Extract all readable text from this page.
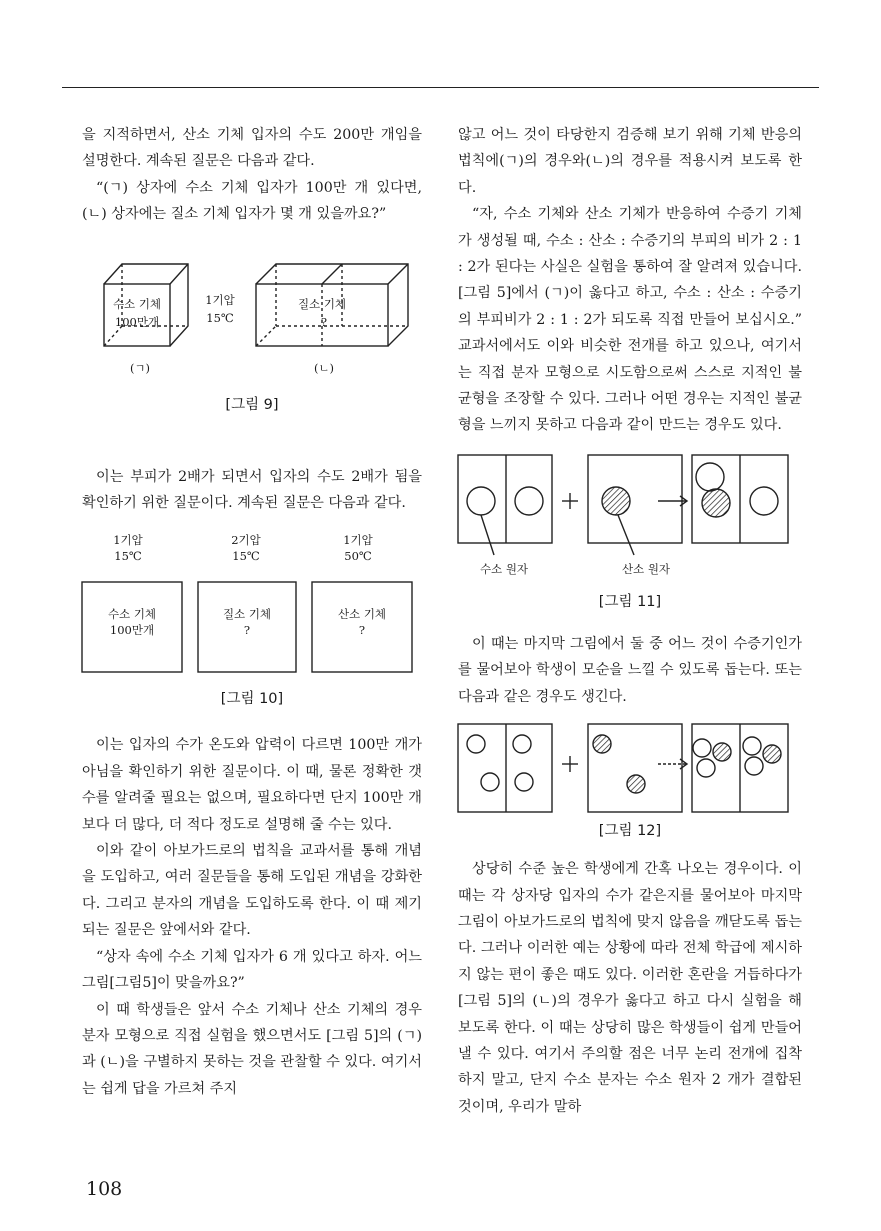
을 지적하면서, 산소 기체 입자의 수도 200만 개임을 설명한다. 계속된 질문은 다음과 같다.

“(ㄱ) 상자에 수소 기체 입자가 100만 개 있다면, (ㄴ) 상자에는 질소 기체 입자가 몇 개 있을까요?”

수소 기체
100만개
1기압
15℃
질소 기체
?
(ㄱ)	(ㄴ)
[그림 9]

이는 부피가 2배가 되면서 입자의 수도 2배가 됨을 확인하기 위한 질문이다. 계속된 질문은 다음과 같다.

1기압
15℃
2기압
15℃
1기압
50℃
수소 기체
100만개
질소 기체
?
산소 기체
?
[그림 10]

이는 입자의 수가 온도와 압력이 다르면 100만 개가 아님을 확인하기 위한 질문이다. 이 때, 물론 정확한 갯수를 알려줄 필요는 없으며, 필요하다면 단지 100만 개보다 더 많다, 더 적다 정도로 설명해 줄 수는 있다.

이와 같이 아보가드로의 법칙을 교과서를 통해 개념을 도입하고, 여러 질문들을 통해 도입된 개념을 강화한다. 그리고 분자의 개념을 도입하도록 한다. 이 때 제기되는 질문은 앞에서와 같다.

“상자 속에 수소 기체 입자가 6 개 있다고 하자. 어느 그림[그림5]이 맞을까요?”

이 때 학생들은 앞서 수소 기체나 산소 기체의 경우 분자 모형으로 직접 실험을 했으면서도 [그림 5]의 (ㄱ)과 (ㄴ)을 구별하지 못하는 것을 관찰할 수 있다. 여기서는 쉽게 답을 가르쳐 주지

않고 어느 것이 타당한지 검증해 보기 위해 기체 반응의 법칙에(ㄱ)의 경우와(ㄴ)의 경우를 적용시켜 보도록 한다.

“자, 수소 기체와 산소 기체가 반응하여 수증기 기체가 생성될 때, 수소 : 산소 : 수증기의 부피의 비가 2 : 1 : 2가 된다는 사실은 실험을 통하여 잘 알려져 있습니다. [그림 5]에서 (ㄱ)이 옳다고 하고, 수소 : 산소 : 수증기의 부피비가 2 : 1 : 2가 되도록 직접 만들어 보십시오.” 교과서에서도 이와 비슷한 전개를 하고 있으나, 여기서는 직접 분자 모형으로 시도함으로써 스스로 지적인 불균형을 조장할 수 있다. 그러나 어떤 경우는 지적인 불균형을 느끼지 못하고 다음과 같이 만드는 경우도 있다.

수소 원자	산소 원자
[그림 11]

이 때는 마지막 그림에서 둘 중 어느 것이 수증기인가를 물어보아 학생이 모순을 느낄 수 있도록 돕는다. 또는 다음과 같은 경우도 생긴다.

[그림 12]

상당히 수준 높은 학생에게 간혹 나오는 경우이다. 이 때는 각 상자당 입자의 수가 같은지를 물어보아 마지막 그림이 아보가드로의 법칙에 맞지 않음을 깨닫도록 돕는다. 그러나 이러한 예는 상황에 따라 전체 학급에 제시하지 않는 편이 좋은 때도 있다. 이러한 혼란을 거듭하다가 [그림 5]의 (ㄴ)의 경우가 옳다고 하고 다시 실험을 해 보도록 한다. 이 때는 상당히 많은 학생들이 쉽게 만들어 낼 수 있다. 여기서 주의할 점은 너무 논리 전개에 집착하지 말고, 단지 수소 분자는 수소 원자 2 개가 결합된 것이며, 우리가 말하

108
